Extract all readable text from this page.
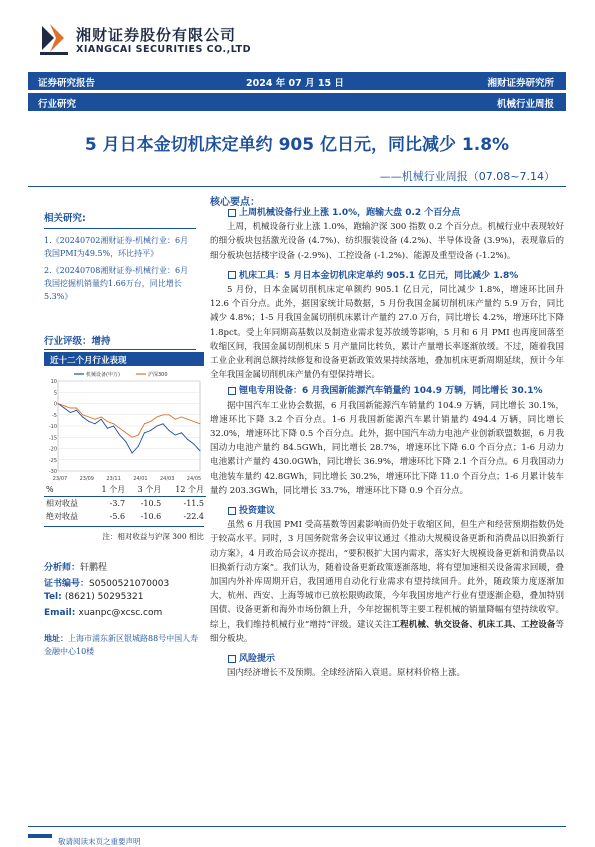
湘财证券股份有限公司
XIANGCAI SECURITIES CO.,LTD
证券研究报告	2024 年 07 月 15 日	湘财证券研究所
行业研究	机械行业周报
5 月日本金切机床定单约 905 亿日元，同比减少 1.8%
——机械行业周报（07.08~7.14）
相关研究:
1.《20240702湘财证券-机械行业：6月我国PMI为49.5%，环比持平》
2.《20240708湘财证券-机械行业：6月我国挖掘机销量约1.66万台，同比增长5.3%》
行业评级：增持
近十二个月行业表现
10
5
0
-5
-10
-15
-20
-25
-30
23/07 23/09 23/11 24/01 24/03 24/05
机械设备(申万)	沪深300
%	1 个月	3 个月	12 个月
相对收益	-3.7	-10.5	-11.5
绝对收益	-5.6	-10.6	-22.4
注：相对收益与沪深 300 相比
分析师：轩鹏程
证书编号：S0500521070003
Tel: (8621) 50295321
Email: xuanpc@xcsc.com
地址：上海市浦东新区银城路88号中国人寿金融中心10楼
核心要点：

上周机械设备行业上涨 1.0%，跑输大盘 0.2 个百分点

上周，机械设备行业上涨 1.0%，跑输沪深 300 指数 0.2 个百分点。机械行业中表现较好的细分板块包括激光设备 (4.7%)、纺织服装设备 (4.2%)、半导体设备 (3.9%)，表现靠后的细分板块包括楼宇设备 (-2.9%)、工控设备 (-1.2%)、能源及重型设备 (-1.2%)。

机床工具：5 月日本金切机床定单约 905.1 亿日元，同比减少 1.8%

5 月份，日本金属切削机床定单额约 905.1 亿日元，同比减少 1.8%，增速环比回升 12.6 个百分点。此外，据国家统计局数据，5 月份我国金属切削机床产量约 5.9 万台，同比减少 4.8%；1-5 月我国金属切削机床累计产量约 27.0 万台，同比增长 4.2%，增速环比下降 1.8pct。受上年同期高基数以及制造业需求复苏放缓等影响，5 月和 6 月 PMI 也再度回落至收缩区间，我国金属切削机床 5 月产量同比转负，累计产量增长率逐渐放缓。不过，随着我国工业企业利润总额持续修复和设备更新政策效果持续落地，叠加机床更新周期延续，预计今年全年我国金属切削机床产量仍有望保持增长。

锂电专用设备：6 月我国新能源汽车销量约 104.9 万辆，同比增长 30.1%

据中国汽车工业协会数据，6 月我国新能源汽车销量约 104.9 万辆，同比增长 30.1%，增速环比下降 3.2 个百分点。1-6 月我国新能源汽车累计销量约 494.4 万辆，同比增长 32.0%，增速环比下降 0.5 个百分点。此外，据中国汽车动力电池产业创新联盟数据，6 月我国动力电池产量约 84.5GWh，同比增长 28.7%，增速环比下降 6.0 个百分点；1-6 月动力电池累计产量约 430.0GWh，同比增长 36.9%，增速环比下降 2.1 个百分点。6 月我国动力电池装车量约 42.8GWh，同比增长 30.2%，增速环比下降 11.0 个百分点；1-6 月累计装车量约 203.3GWh，同比增长 33.7%，增速环比下降 0.9 个百分点。

投资建议

虽然 6 月我国 PMI 受高基数等因素影响而仍处于收缩区间，但生产和经营预期指数仍处于较高水平。同时，3 月国务院常务会议审议通过《推动大规模设备更新和消费品以旧换新行动方案》，4 月政治局会议亦提出，“要积极扩大国内需求，落实好大规模设备更新和消费品以旧换新行动方案”。我们认为，随着设备更新政策逐渐落地，将有望加速相关设备需求回暖，叠加国内外补库周期开启，我国通用自动化行业需求有望持续回升。此外，随政策力度逐渐加大，杭州、西安、上海等城市已放松限购政策，今年我国房地产行业有望逐渐企稳，叠加特别国债、设备更新和海外市场份额上升，今年挖掘机等主要工程机械的销量降幅有望持续收窄。综上，我们维持机械行业“增持”评级。建议关注工程机械、轨交设备、机床工具、工控设备等细分板块。

风险提示

国内经济增长不及预期。全球经济陷入衰退。原材料价格上涨。

敬请阅读末页之重要声明
